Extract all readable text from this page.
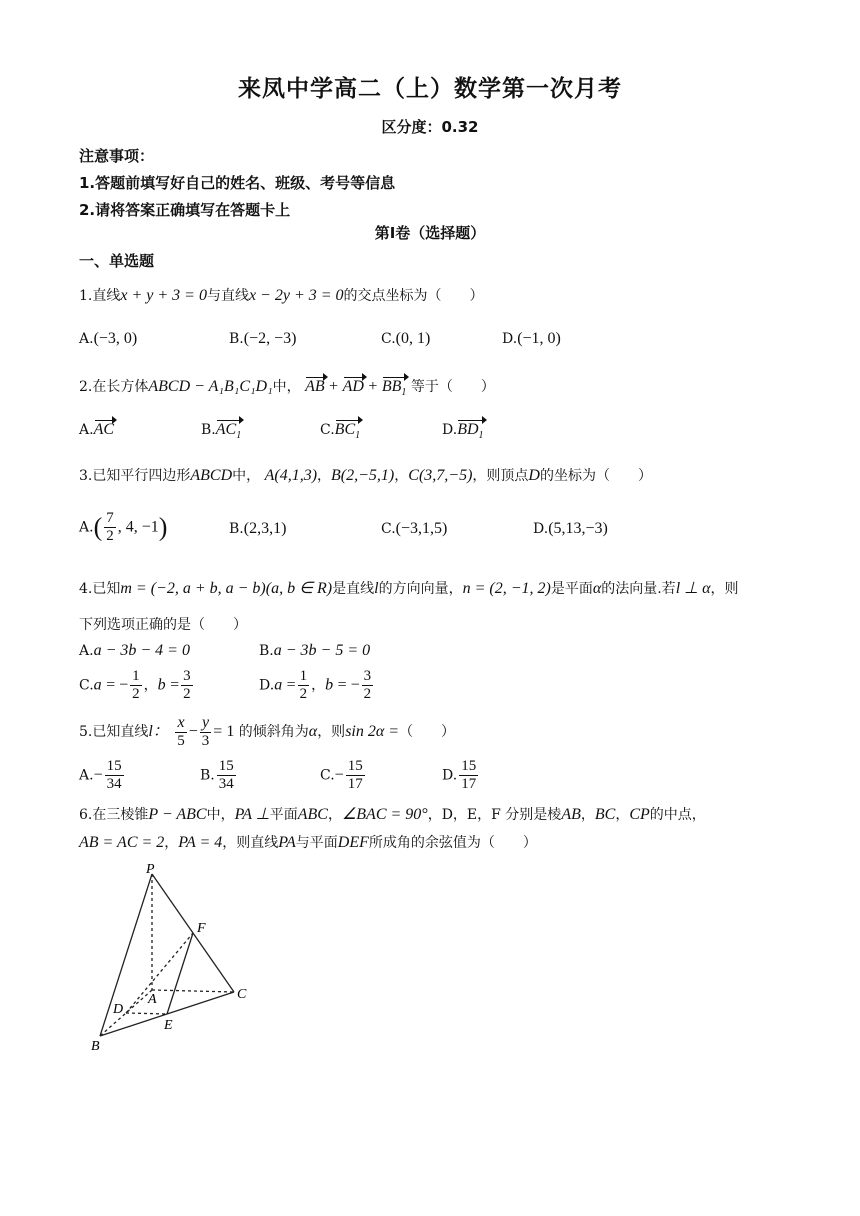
来凤中学高二（上）数学第一次月考
区分度：0.32
注意事项：
1.答题前填写好自己的姓名、班级、考号等信息
2.请将答案正确填写在答题卡上
第I卷（选择题）
一、单选题
1.直线x + y + 3 = 0与直线x − 2y + 3 = 0的交点坐标为（　　）
A.(−3, 0)	B.(−2, −3)	C.(0, 1)	D.(−1, 0)
2.在长方体ABCD − A₁B₁C₁D₁中， AB + AD + $BB_1$ 等于（　　）
A.AC	$B.AC_1$	$C.BC_1$	$D.BD_1$
3.已知平行四边形ABCD中， A(4,1,3)，B(2,−5,1)，C(3,7,−5)，则顶点D的坐标为（　　）
$A.( \frac{7}{2}$ , 4, −1)	B.(2,3,1)	C.(−3,1,5)	D.(5,13,−3)
4.已知m = (−2, a + b, a − b)(a, b ∈ R)是直线l的方向向量，n = (2, −1, 2)是平面α的法向量.若l ⊥ α，则
下列选项正确的是（　　）
A.a − 3b − 4 = 0	B.a − 3b − 5 = 0
C.a = − $\frac{1}{2}$ ，$b = \frac{3}{2}$	$D.a = \frac{1}{2}$ ，b = − $\frac{3}{2}$
5.已知直线l： $\frac{x}{5} - \frac{y}{3} = 1$ 的倾斜角为α，则sin 2α =（　　）
$A.- \frac{15}{34}$	B. $\frac{15}{34}$	$C.- \frac{15}{17}$	D. $\frac{15}{17}$
6.在三棱锥P − ABC中，PA ⊥平面ABC，∠BAC = 90°，D，E，F 分别是棱AB，BC，CP的中点，
AB = AC = 2，PA = 4，则直线PA与平面DEF所成角的余弦值为（　　）
P
F
A	C
D
E
B
